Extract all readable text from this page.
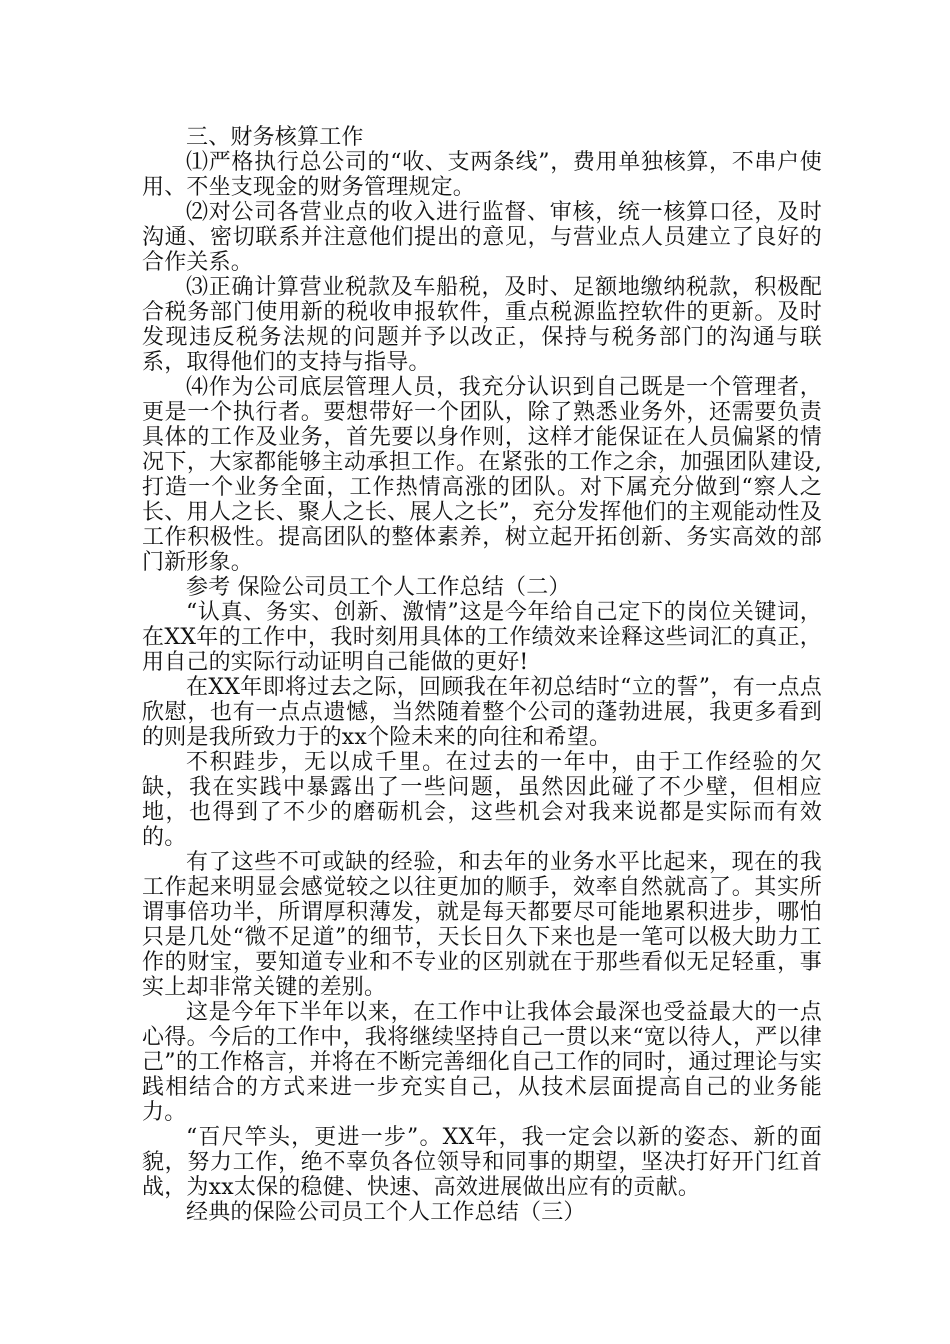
三、财务核算工作

⑴严格执行总公司的“收、支两条线”，费用单独核算，不串户使用、不坐支现金的财务管理规定。

⑵对公司各营业点的收入进行监督、审核，统一核算口径，及时沟通、密切联系并注意他们提出的意见，与营业点人员建立了良好的合作关系。

⑶正确计算营业税款及车船税，及时、足额地缴纳税款，积极配合税务部门使用新的税收申报软件，重点税源监控软件的更新。及时发现违反税务法规的问题并予以改正，保持与税务部门的沟通与联系，取得他们的支持与指导。

⑷作为公司底层管理人员，我充分认识到自己既是一个管理者，更是一个执行者。要想带好一个团队，除了熟悉业务外，还需要负责具体的工作及业务，首先要以身作则，这样才能保证在人员偏紧的情况下，大家都能够主动承担工作。在紧张的工作之余，加强团队建设,打造一个业务全面，工作热情高涨的团队。对下属充分做到“察人之长、用人之长、聚人之长、展人之长”，充分发挥他们的主观能动性及工作积极性。提高团队的整体素养，树立起开拓创新、务实高效的部门新形象。

参考 保险公司员工个人工作总结（二）

“认真、务实、创新、激情”这是今年给自己定下的岗位关键词，在XX年的工作中，我时刻用具体的工作绩效来诠释这些词汇的真正，用自己的实际行动证明自己能做的更好!

在XX年即将过去之际，回顾我在年初总结时“立的誓”，有一点点欣慰，也有一点点遗憾，当然随着整个公司的蓬勃进展，我更多看到的则是我所致力于的xx个险未来的向往和希望。

不积跬步，无以成千里。在过去的一年中，由于工作经验的欠缺，我在实践中暴露出了一些问题，虽然因此碰了不少壁，但相应地，也得到了不少的磨砺机会，这些机会对我来说都是实际而有效的。

有了这些不可或缺的经验，和去年的业务水平比起来，现在的我工作起来明显会感觉较之以往更加的顺手，效率自然就高了。其实所谓事倍功半，所谓厚积薄发，就是每天都要尽可能地累积进步，哪怕只是几处“微不足道”的细节，天长日久下来也是一笔可以极大助力工作的财宝，要知道专业和不专业的区别就在于那些看似无足轻重，事实上却非常关键的差别。

这是今年下半年以来，在工作中让我体会最深也受益最大的一点心得。今后的工作中，我将继续坚持自己一贯以来“宽以待人，严以律己”的工作格言，并将在不断完善细化自己工作的同时，通过理论与实践相结合的方式来进一步充实自己，从技术层面提高自己的业务能力。

“百尺竿头，更进一步”。XX年，我一定会以新的姿态、新的面貌，努力工作，绝不辜负各位领导和同事的期望，坚决打好开门红首战，为xx太保的稳健、快速、高效进展做出应有的贡献。

经典的保险公司员工个人工作总结（三）
